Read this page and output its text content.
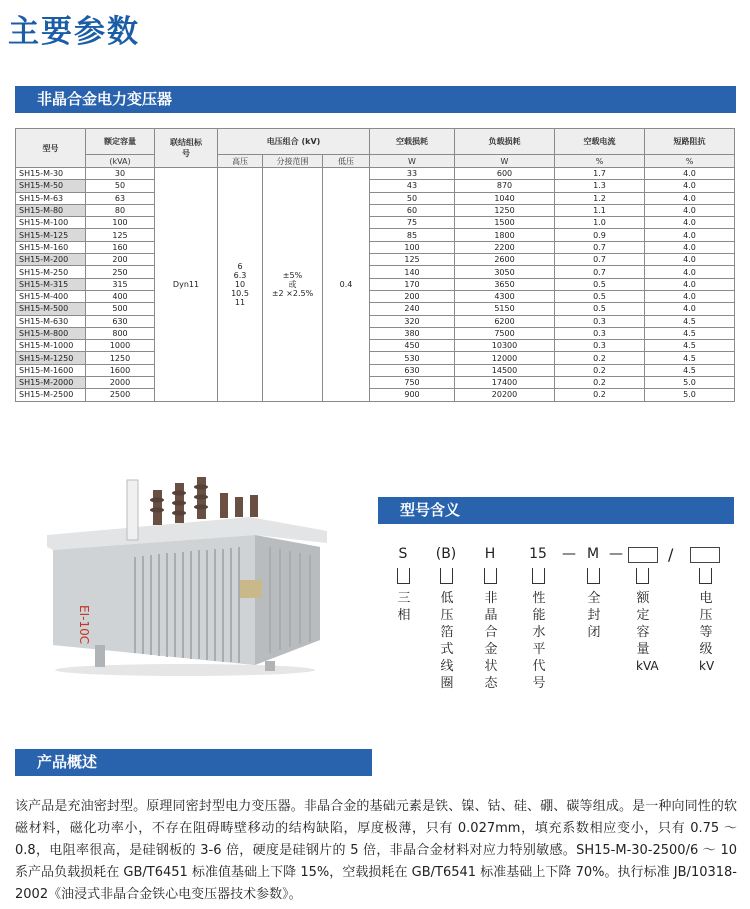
主要参数
非晶合金电力变压器
型号	额定容量	联结组标号	电压组合 (kV)			空载损耗	负载损耗	空载电流	短路阻抗
	(kVA)		高压	分接范围	低压	W	W	%	%
SH15-M-30	30	Dyn11	6
6.3
10
10.5
11	±5%
或
±2 ×2.5%	0.4	33	600	1.7	4.0
SH15-M-50	50					43	870	1.3	4.0
SH15-M-63	63					50	1040	1.2	4.0
SH15-M-80	80					60	1250	1.1	4.0
SH15-M-100	100					75	1500	1.0	4.0
SH15-M-125	125					85	1800	0.9	4.0
SH15-M-160	160					100	2200	0.7	4.0
SH15-M-200	200					125	2600	0.7	4.0
SH15-M-250	250					140	3050	0.7	4.0
SH15-M-315	315					170	3650	0.5	4.0
SH15-M-400	400					200	4300	0.5	4.0
SH15-M-500	500					240	5150	0.5	4.0
SH15-M-630	630					320	6200	0.3	4.5
SH15-M-800	800					380	7500	0.3	4.5
SH15-M-1000	1000					450	10300	0.3	4.5
SH15-M-1250	1250					530	12000	0.2	4.5
SH15-M-1600	1600					630	14500	0.2	4.5
SH15-M-2000	2000					750	17400	0.2	5.0
SH15-M-2500	2500					900	20200	0.2	5.0
ЕⅠ-10С
型号含义
S (B) H 15 — M —	/
三相
低压箔式线圈
非晶合金状态
性能水平代号
全封闭
额定容量
kVA
电压等级
kV
产品概述

该产品是充油密封型。原理同密封型电力变压器。非晶合金的基础元素是铁、镍、钴、硅、硼、碳等组成。是一种向同性的软磁材料，磁化功率小，不存在阻碍畴壁移动的结构缺陷，厚度极薄，只有 0.027mm，填充系数相应变小，只有 0.75 ～ 0.8，电阻率很高，是硅钢板的 3-6 倍，硬度是硅钢片的 5 倍，非晶合金材料对应力特别敏感。SH15-M-30-2500/6 ～ 10 系产品负载损耗在 GB/T6451 标准值基础上下降 15%，空载损耗在 GB/T6541 标准基础上下降 70%。执行标准 JB/10318-2002《油浸式非晶合金铁心电变压器技术参数》。
